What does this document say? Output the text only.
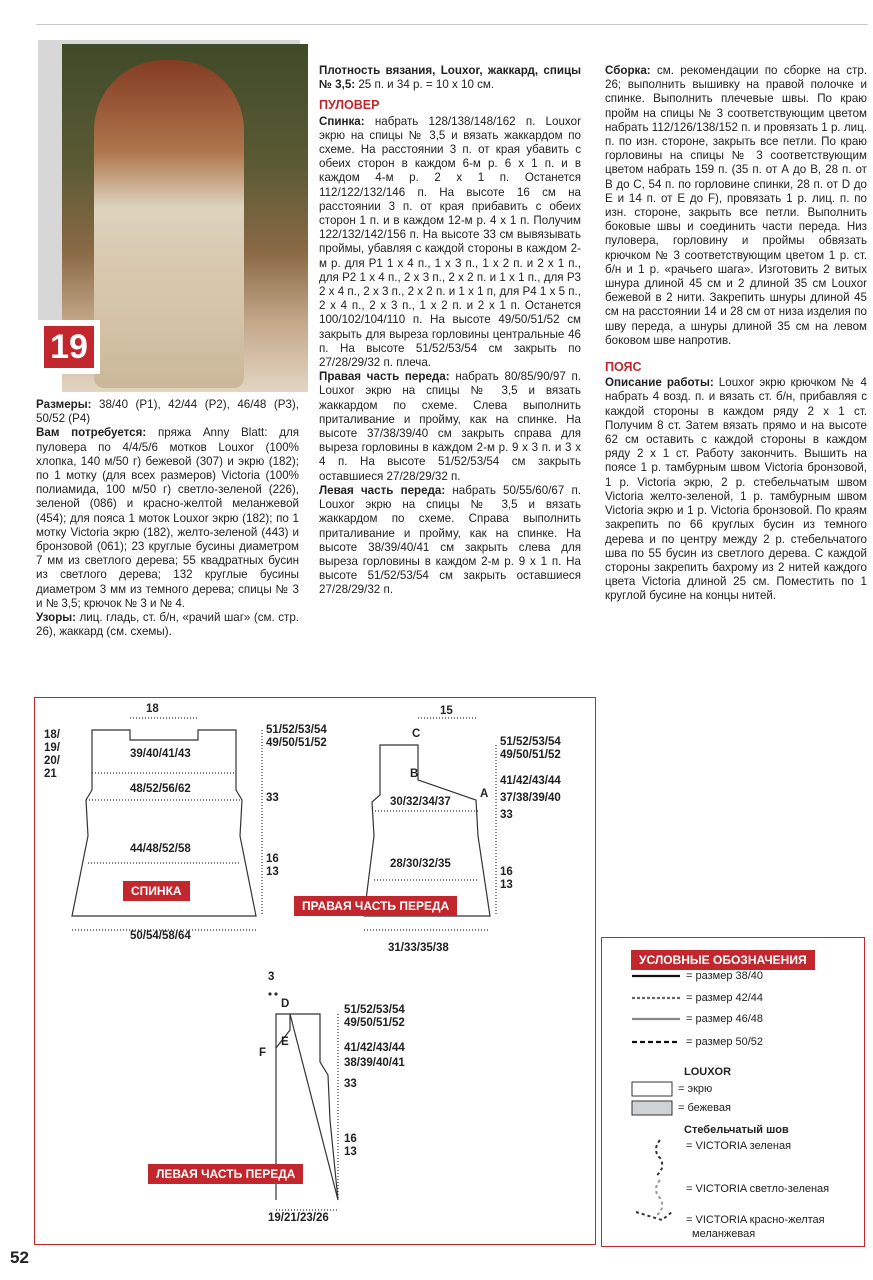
19

Размеры: 38/40 (Р1), 42/44 (Р2), 46/48 (Р3), 50/52 (Р4)

Вам потребуется: пряжа Anny Blatt: для пуловера по 4/4/5/6 мотков Louxor (100% хлопка, 140 м/50 г) бежевой (307) и экрю (182); по 1 мотку (для всех размеров) Victoria (100% полиамида, 100 м/50 г) светло-зеленой (226), зеленой (086) и красно-желтой меланжевой (454); для пояса 1 моток Louxor экрю (182); по 1 мотку Victoria экрю (182), желто-зеленой (443) и бронзовой (061); 23 круглые бусины диаметром 7 мм из светлого дерева; 55 квадратных бусин из светлого дерева; 132 круглые бусины диаметром 3 мм из темного дерева; спицы № 3 и № 3,5; крючок № 3 и № 4.

Узоры: лиц. гладь, ст. б/н, «рачий шаг» (см. стр. 26), жаккард (см. схемы).

Плотность вязания, Louxor, жаккард, спицы № 3,5: 25 п. и 34 р. = 10 х 10 см.

ПУЛОВЕР

Спинка: набрать 128/138/148/162 п. Louxor экрю на спицы № 3,5 и вязать жаккардом по схеме. На расстоянии 3 п. от края убавить с обеих сторон в каждом 6-м р. 6 х 1 п. и в каждом 4-м р. 2 х 1 п. Останется 112/122/132/146 п. На высоте 16 см на расстоянии 3 п. от края прибавить с обеих сторон 1 п. и в каждом 12-м р. 4 х 1 п. Получим 122/132/142/156 п. На высоте 33 см вывязывать проймы, убавляя с каждой стороны в каждом 2-м р. для Р1 1 х 4 п., 1 х 3 п., 1 х 2 п. и 2 х 1 п., для Р2 1 х 4 п., 2 х 3 п., 2 х 2 п. и 1 х 1 п., для Р3 2 х 4 п., 2 х 3 п., 2 х 2 п. и 1 х 1 п, для Р4 1 х 5 п., 2 х 4 п., 2 х 3 п., 1 х 2 п. и 2 х 1 п. Останется 100/102/104/110 п. На высоте 49/50/51/52 см закрыть для выреза горловины центральные 46 п. На высоте 51/52/53/54 см закрыть по 27/28/29/32 п. плеча.

Правая часть переда: набрать 80/85/90/97 п. Louxor экрю на спицы № 3,5 и вязать жаккардом по схеме. Слева выполнить приталивание и пройму, как на спинке. На высоте 37/38/39/40 см закрыть справа для выреза горловины в каждом 2-м р. 9 х 3 п. и 3 х 4 п. На высоте 51/52/53/54 см закрыть оставшиеся 27/28/29/32 п.

Левая часть переда: набрать 50/55/60/67 п. Louxor экрю на спицы № 3,5 и вязать жаккардом по схеме. Справа выполнить приталивание и пройму, как на спинке. На высоте 38/39/40/41 см закрыть слева для выреза горловины в каждом 2-м р. 9 х 1 п. На высоте 51/52/53/54 см закрыть оставшиеся 27/28/29/32 п.

Сборка: см. рекомендации по сборке на стр. 26; выполнить вышивку на правой полочке и спинке. Выполнить плечевые швы. По краю пройм на спицы № 3 соответствующим цветом набрать 112/126/138/152 п. и провязать 1 р. лиц. п. по изн. стороне, закрыть все петли. По краю горловины на спицы № 3 соответствующим цветом набрать 159 п. (35 п. от А до В, 28 п. от В до С, 54 п. по горловине спинки, 28 п. от D до Е и 14 п. от Е до F), провязать 1 р. лиц. п. по изн. стороне, закрыть все петли. Выполнить боковые швы и соединить части переда. Низ пуловера, горловину и проймы обвязать крючком № 3 соответствующим цветом 1 р. ст. б/н и 1 р. «рачьего шага». Изготовить 2 витых шнура длиной 45 см и 2 длиной 35 см Louxor бежевой в 2 нити. Закрепить шнуры длиной 45 см на расстоянии 14 и 28 см от низа изделия по шву переда, а шнуры длиной 35 см на левом боковом шве напротив.

ПОЯС

Описание работы: Louxor экрю крючком № 4 набрать 4 возд. п. и вязать ст. б/н, прибавляя с каждой стороны в каждом ряду 2 х 1 ст. Получим 8 ст. Затем вязать прямо и на высоте 62 см оставить с каждой стороны в каждом ряду 2 х 1 ст. Работу закончить. Вышить на поясе 1 р. тамбурным швом Victoria бронзовой, 1 р. Victoria экрю, 2 р. стебельчатым швом Victoria желто-зеленой, 1 р. тамбурным швом Victoria экрю и 1 р. Victoria бронзовой. По краям закрепить по 66 круглых бусин из темного дерева и по центру между 2 р. стебельчатого шва по 55 бусин из светлого дерева. С каждой стороны закрепить бахрому из 2 нитей каждого цвета Victoria длиной 25 см. Поместить по 1 круглой бусине на концы нитей.

18
18/
19/
20/
21
39/40/41/43
48/52/56/62
44/48/52/58
50/54/58/64
51/52/53/54
49/50/51/52
33
16
13
СПИНКА
15
C
B
A
30/32/34/37
28/30/32/35
31/33/35/38
51/52/53/54
49/50/51/52
41/42/43/44
37/38/39/40
33
16
13
ПРАВАЯ ЧАСТЬ ПЕРЕДА
3
D
E
F
51/52/53/54
49/50/51/52
41/42/43/44
38/39/40/41
33
16
13
19/21/23/26
ЛЕВАЯ ЧАСТЬ ПЕРЕДА
УСЛОВНЫЕ ОБОЗНАЧЕНИЯ
= размер 38/40
= размер 42/44
= размер 46/48
= размер 50/52
LOUXOR
= экрю
= бежевая
Стебельчатый шов
= VICTORIA зеленая
= VICTORIA светло-зеленая
= VICTORIA красно-желтая
меланжевая
52
